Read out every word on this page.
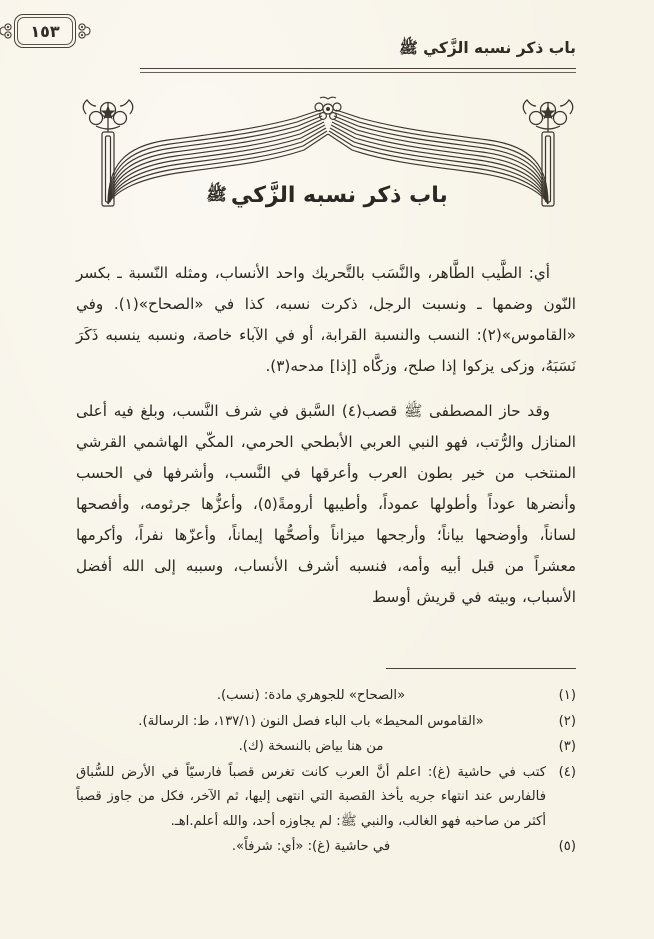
باب ذكر نسبه الزَّكي ﷺ
١٥٣
باب ذكر نسبه الزَّكيﷺ

أي: الطَّيب الطَّاهر، والنَّسَب بالتَّحريك واحد الأنساب، ومثله النّسبة ـ بكسر النّون وضمها ـ ونسبت الرجل، ذكرت نسبه، كذا في «الصحاح»(١). وفي «القاموس»(٢): النسب والنسبة القرابة، أو في الآباء خاصة، ونسبه ينسبه ذَكَرَ نَسَبَهُ، وزكى يزكوا إذا صلح، وزكَّاه [إذا] مدحه(٣).

وقد حاز المصطفى ﷺ قصب(٤) السَّبق في شرف النَّسب، وبلغ فيه أعلى المنازل والرُّتب، فهو النبي العربي الأبطحي الحرمي، المكّي الهاشمي القرشي المنتخب من خير بطون العرب وأعرقها في النَّسب، وأشرفها في الحسب وأنضرها عوداً وأطولها عموداً، وأطيبها أرومةً(٥)، وأعزُّها جرثومه، وأفصحها لساناً، وأوضحها بياناً؛ وأرجحها ميزاناً وأصحُّها إيماناً، وأعزّها نفراً، وأكرمها معشراً من قبل أبيه وأمه، فنسبه أشرف الأنساب، وسببه إلى الله أفضل الأسباب، وبيته في قريش أوسط

(١)
«الصحاح» للجوهري مادة: (نسب).
(٢)
«القاموس المحيط» باب الباء فصل النون (١٣٧/١، ط: الرسالة).
(٣)
من هنا بياض بالنسخة (ك).
(٤)
كتب في حاشية (غ): اعلم أنَّ العرب كانت تغرس قصباً فارسيّاً في الأرض للسُّباق فالفارس عند انتهاء جريه يأخذ القصبة التي انتهى إليها، ثم الآخر، فكل من جاوز قصباً أكثر من صاحبه فهو الغالب، والنبي ﷺ: لم يجاوزه أحد، والله أعلم.اهـ.
(٥)
في حاشية (غ): «أي: شرفاً».
